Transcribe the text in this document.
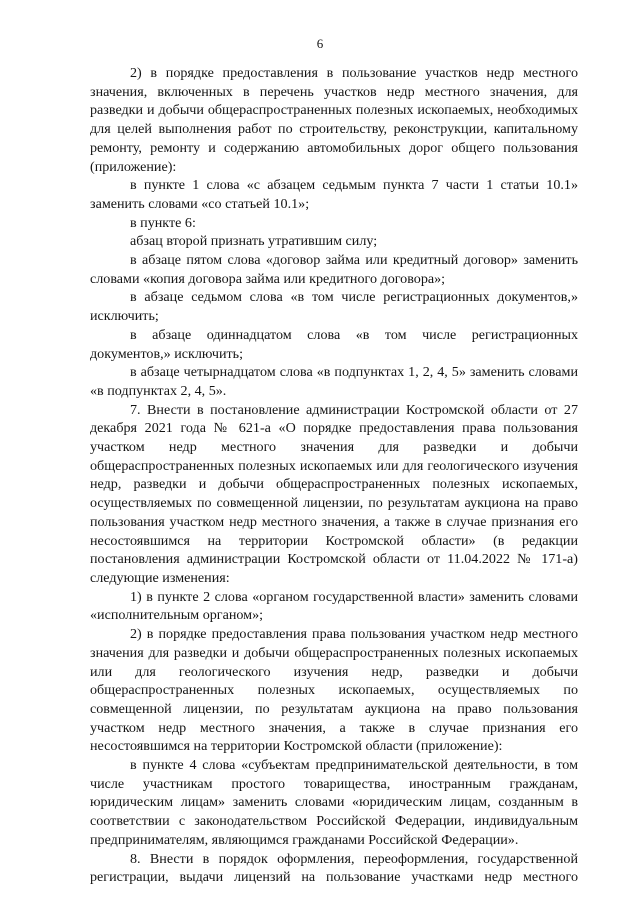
6

2) в порядке предоставления в пользование участков недр местного значения, включенных в перечень участков недр местного значения, для разведки и добычи общераспространенных полезных ископаемых, необходимых для целей выполнения работ по строительству, реконструкции, капитальному ремонту, ремонту и содержанию автомобильных дорог общего пользования (приложение):

в пункте 1 слова «с абзацем седьмым пункта 7 части 1 статьи 10.1» заменить словами «со статьей 10.1»;

в пункте 6:

абзац второй признать утратившим силу;

в абзаце пятом слова «договор займа или кредитный договор» заменить словами «копия договора займа или кредитного договора»;

в абзаце седьмом слова «в том числе регистрационных документов,» исключить;

в абзаце одиннадцатом слова «в том числе регистрационных документов,» исключить;

в абзаце четырнадцатом слова «в подпунктах 1, 2, 4, 5» заменить словами «в подпунктах 2, 4, 5».

7. Внести в постановление администрации Костромской области от 27 декабря 2021 года № 621-а «О порядке предоставления права пользования участком недр местного значения для разведки и добычи общераспространенных полезных ископаемых или для геологического изучения недр, разведки и добычи общераспространенных полезных ископаемых, осуществляемых по совмещенной лицензии, по результатам аукциона на право пользования участком недр местного значения, а также в случае признания его несостоявшимся на территории Костромской области» (в редакции постановления администрации Костромской области от 11.04.2022 № 171-а) следующие изменения:

1) в пункте 2 слова «органом государственной власти» заменить словами «исполнительным органом»;

2) в порядке предоставления права пользования участком недр местного значения для разведки и добычи общераспространенных полезных ископаемых или для геологического изучения недр, разведки и добычи общераспространенных полезных ископаемых, осуществляемых по совмещенной лицензии, по результатам аукциона на право пользования участком недр местного значения, а также в случае признания его несостоявшимся на территории Костромской области (приложение):

в пункте 4 слова «субъектам предпринимательской деятельности, в том числе участникам простого товарищества, иностранным гражданам, юридическим лицам» заменить словами «юридическим лицам, созданным в соответствии с законодательством Российской Федерации, индивидуальным предпринимателям, являющимся гражданами Российской Федерации».

8. Внести в порядок оформления, переоформления, государственной регистрации, выдачи лицензий на пользование участками недр местного
